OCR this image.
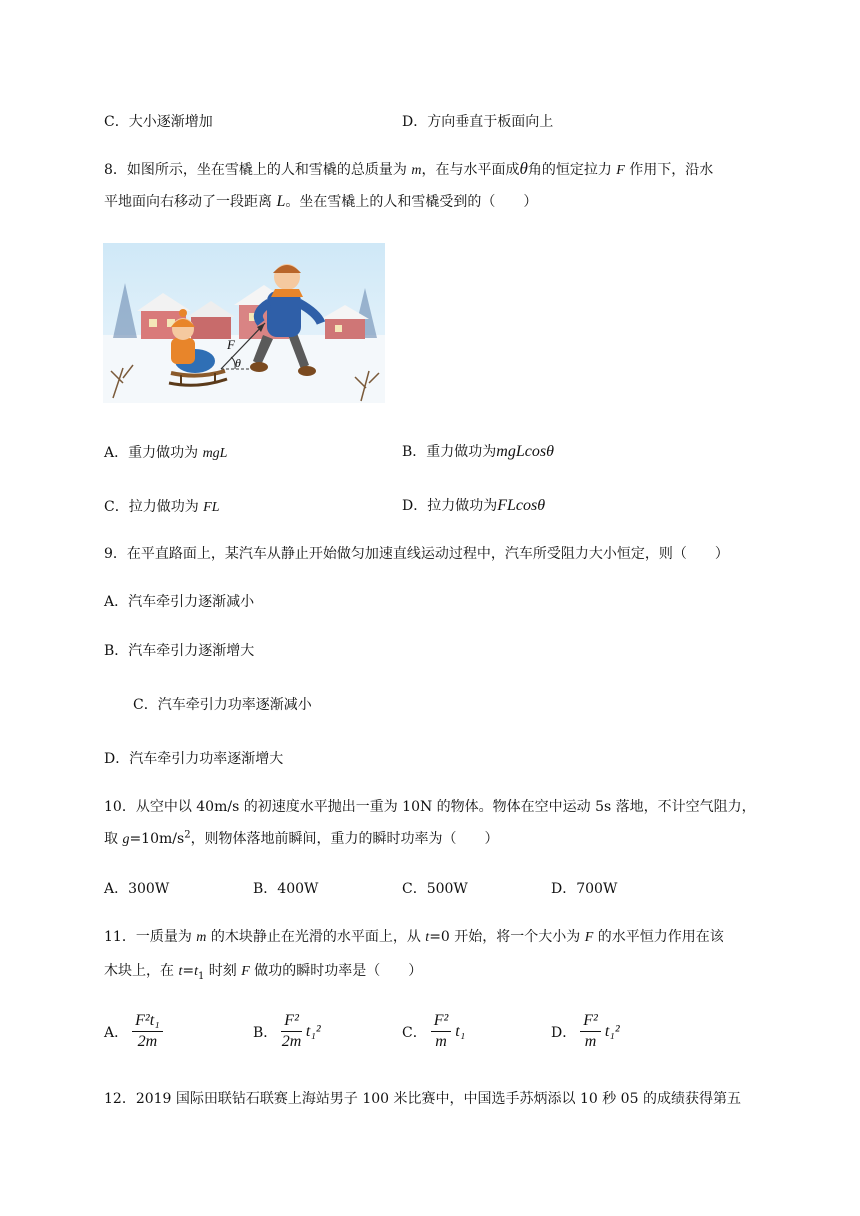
C．大小逐渐增加	D．方向垂直于板面向上
8．如图所示，坐在雪橇上的人和雪橇的总质量为 m，在与水平面成θ角的恒定拉力 F 作用下，沿水
平地面向右移动了一段距离 L。坐在雪橇上的人和雪橇受到的（　　）
F
θ
A．重力做功为 mgL	B．重力做功为mgLcosθ
C．拉力做功为 FL	D．拉力做功为FLcosθ
9．在平直路面上，某汽车从静止开始做匀加速直线运动过程中，汽车所受阻力大小恒定，则（　　）
A．汽车牵引力逐渐减小
B．汽车牵引力逐渐增大
C．汽车牵引力功率逐渐减小
D．汽车牵引力功率逐渐增大
10．从空中以 40m/s 的初速度水平抛出一重为 10N 的物体。物体在空中运动 5s 落地，不计空气阻力，
取 $g=10m/s^2$，则物体落地前瞬间，重力的瞬时功率为（　　）
A．300W	B．400W	C．500W	D．700W
11．一质量为 m 的木块静止在光滑的水平面上，从 t=0 开始，将一个大小为 F 的水平恒力作用在该
木块上，在 $t=t_1$ 时刻 F 做功的瞬时功率是（　　）
A． $\frac{\text{F²t₁}}{2m}$	B． $\frac{\text{F²}}{2m} t_1^2$	C． $\frac{\text{F²}}{m} t_1$	D． $\frac{\text{F²}}{m} t_1^2$
12．2019 国际田联钻石联赛上海站男子 100 米比赛中，中国选手苏炳添以 10 秒 05 的成绩获得第五
